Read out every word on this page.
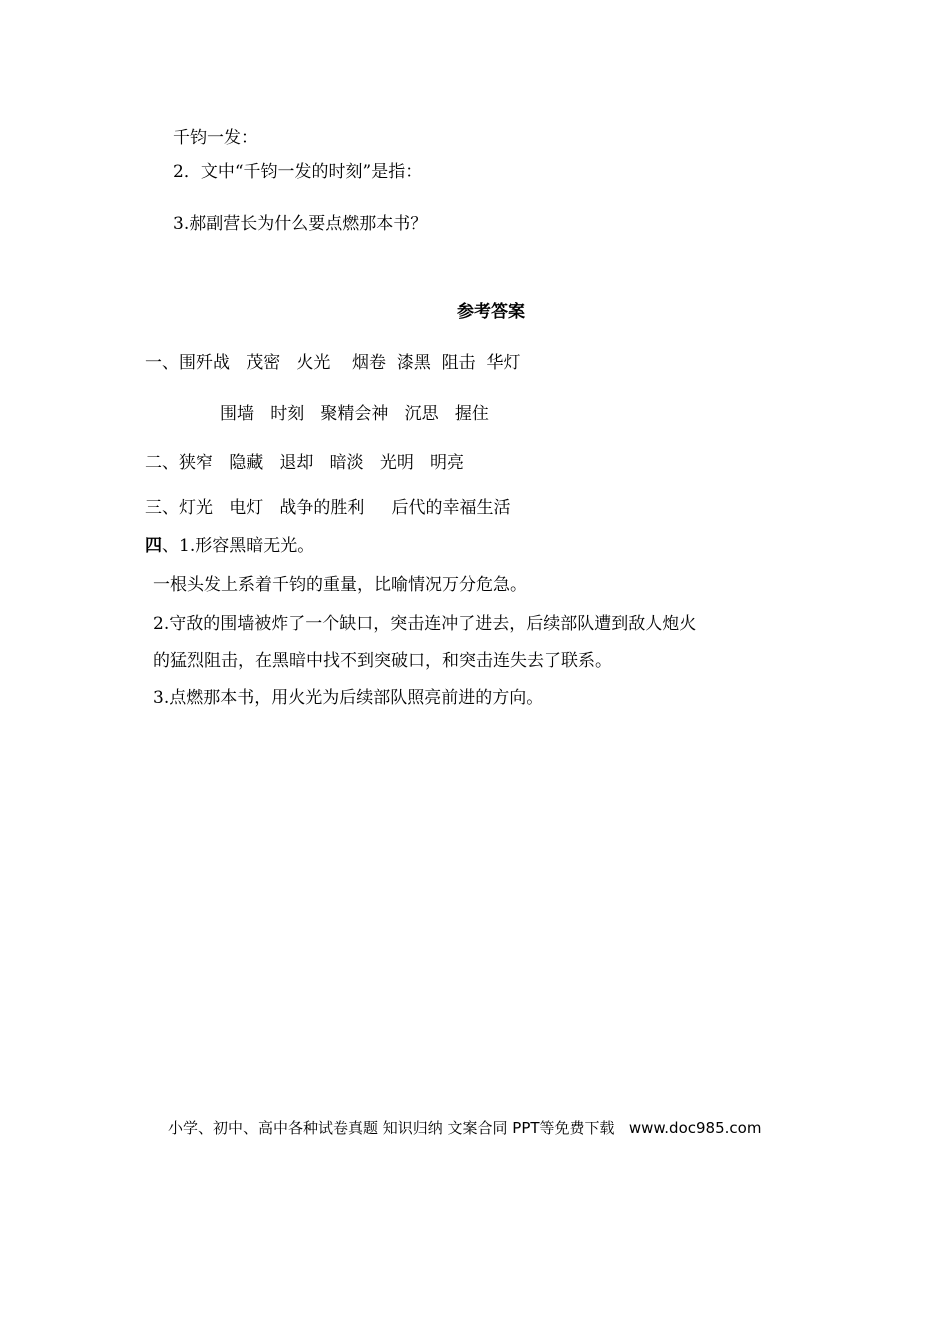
千钧一发：
2．文中“千钧一发的时刻”是指：
3.郝副营长为什么要点燃那本书？
参考答案
一、围歼战   茂密   火光    烟卷  漆黑  阻击  华灯
围墙   时刻   聚精会神   沉思   握住
二、狭窄   隐藏   退却   暗淡   光明   明亮
三、灯光   电灯   战争的胜利     后代的幸福生活
四、1.形容黑暗无光。
一根头发上系着千钧的重量，比喻情况万分危急。
2.守敌的围墙被炸了一个缺口，突击连冲了进去，后续部队遭到敌人炮火
的猛烈阻击，在黑暗中找不到突破口，和突击连失去了联系。
3.点燃那本书，用火光为后续部队照亮前进的方向。
小学、初中、高中各种试卷真题 知识归纳 文案合同 PPT等免费下载   www.doc985.com
